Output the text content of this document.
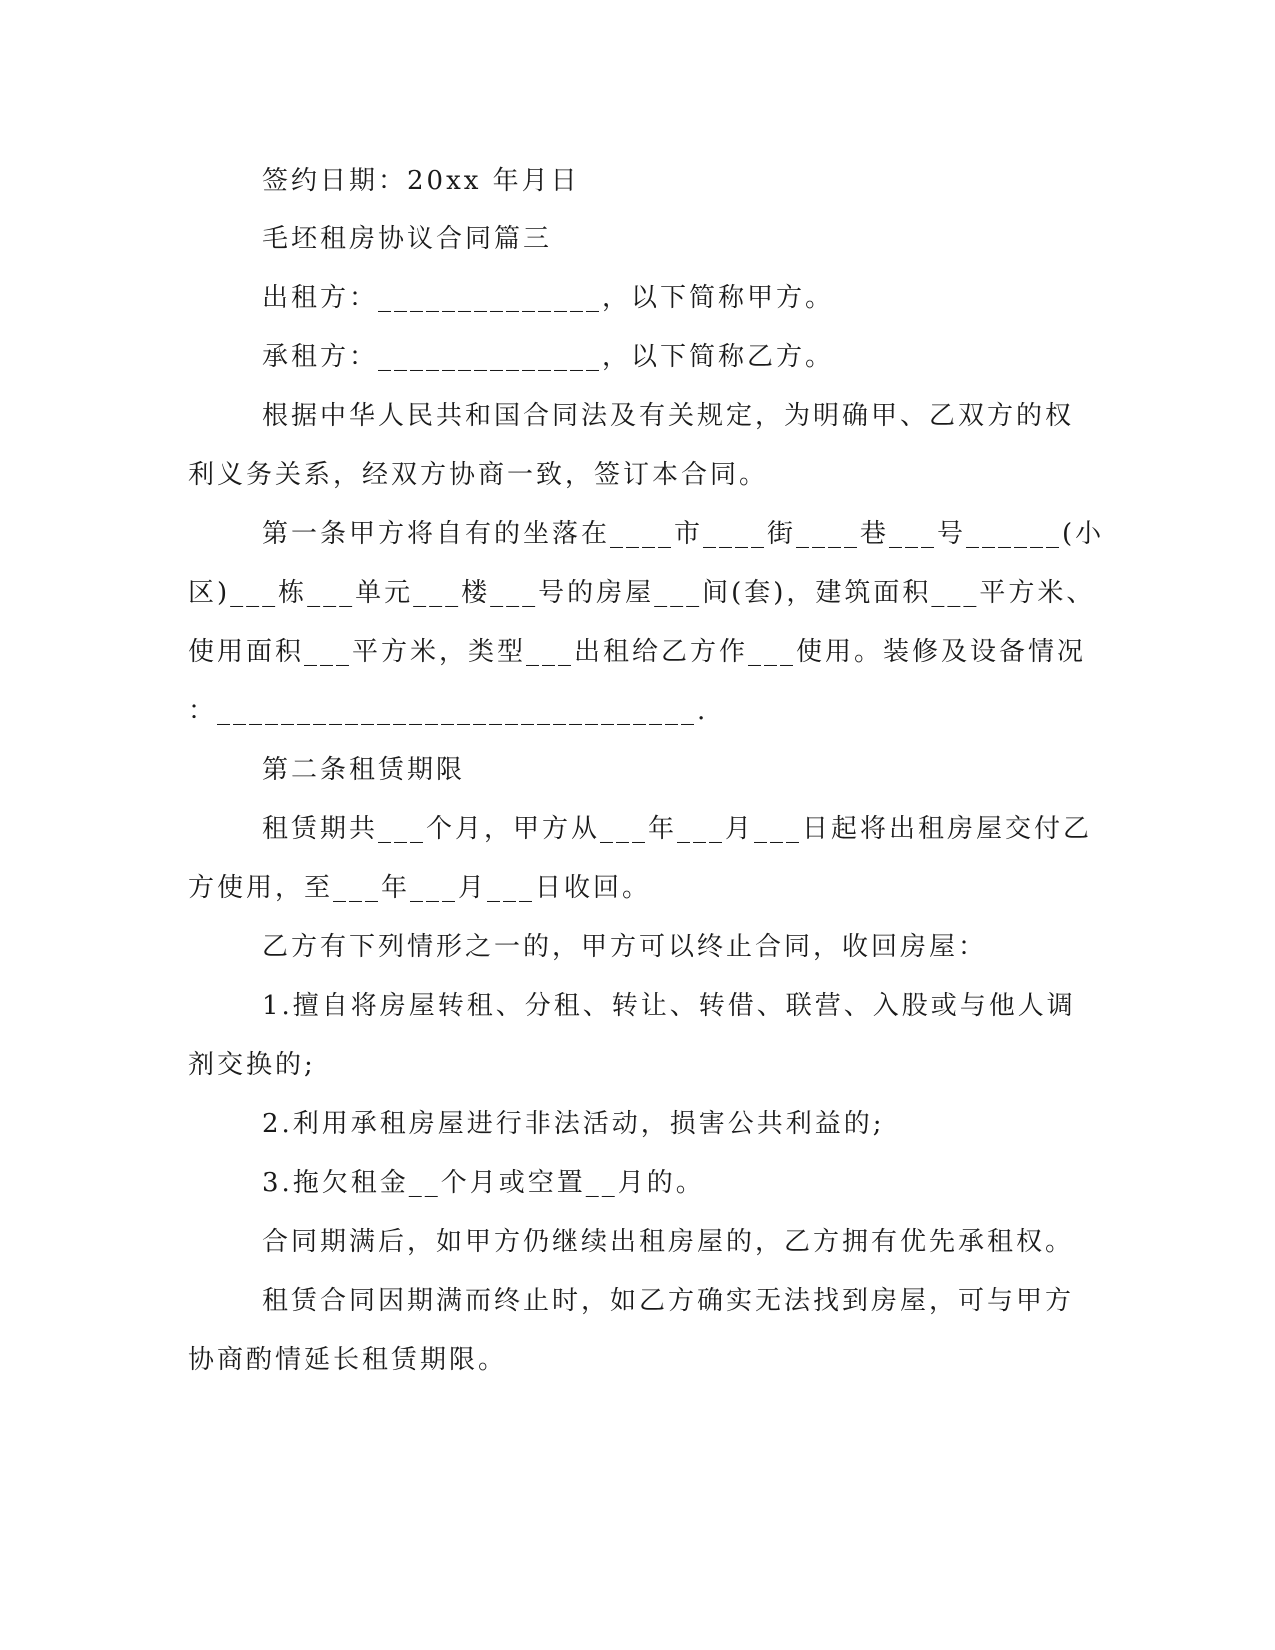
签约日期：20xx 年月日
毛坯租房协议合同篇三
出租方：______________，以下简称甲方。
承租方：______________，以下简称乙方。
根据中华人民共和国合同法及有关规定，为明确甲、乙双方的权
利义务关系，经双方协商一致，签订本合同。
第一条甲方将自有的坐落在____市____街____巷___号______(小
区)___栋___单元___楼___号的房屋___间(套)，建筑面积___平方米、
使用面积___平方米，类型___出租给乙方作___使用。装修及设备情况
：______________________________.
第二条租赁期限
租赁期共___个月，甲方从___年___月___日起将出租房屋交付乙
方使用，至___年___月___日收回。
乙方有下列情形之一的，甲方可以终止合同，收回房屋：
1.擅自将房屋转租、分租、转让、转借、联营、入股或与他人调
剂交换的;
2.利用承租房屋进行非法活动，损害公共利益的;
3.拖欠租金__个月或空置__月的。
合同期满后，如甲方仍继续出租房屋的，乙方拥有优先承租权。
租赁合同因期满而终止时，如乙方确实无法找到房屋，可与甲方
协商酌情延长租赁期限。
